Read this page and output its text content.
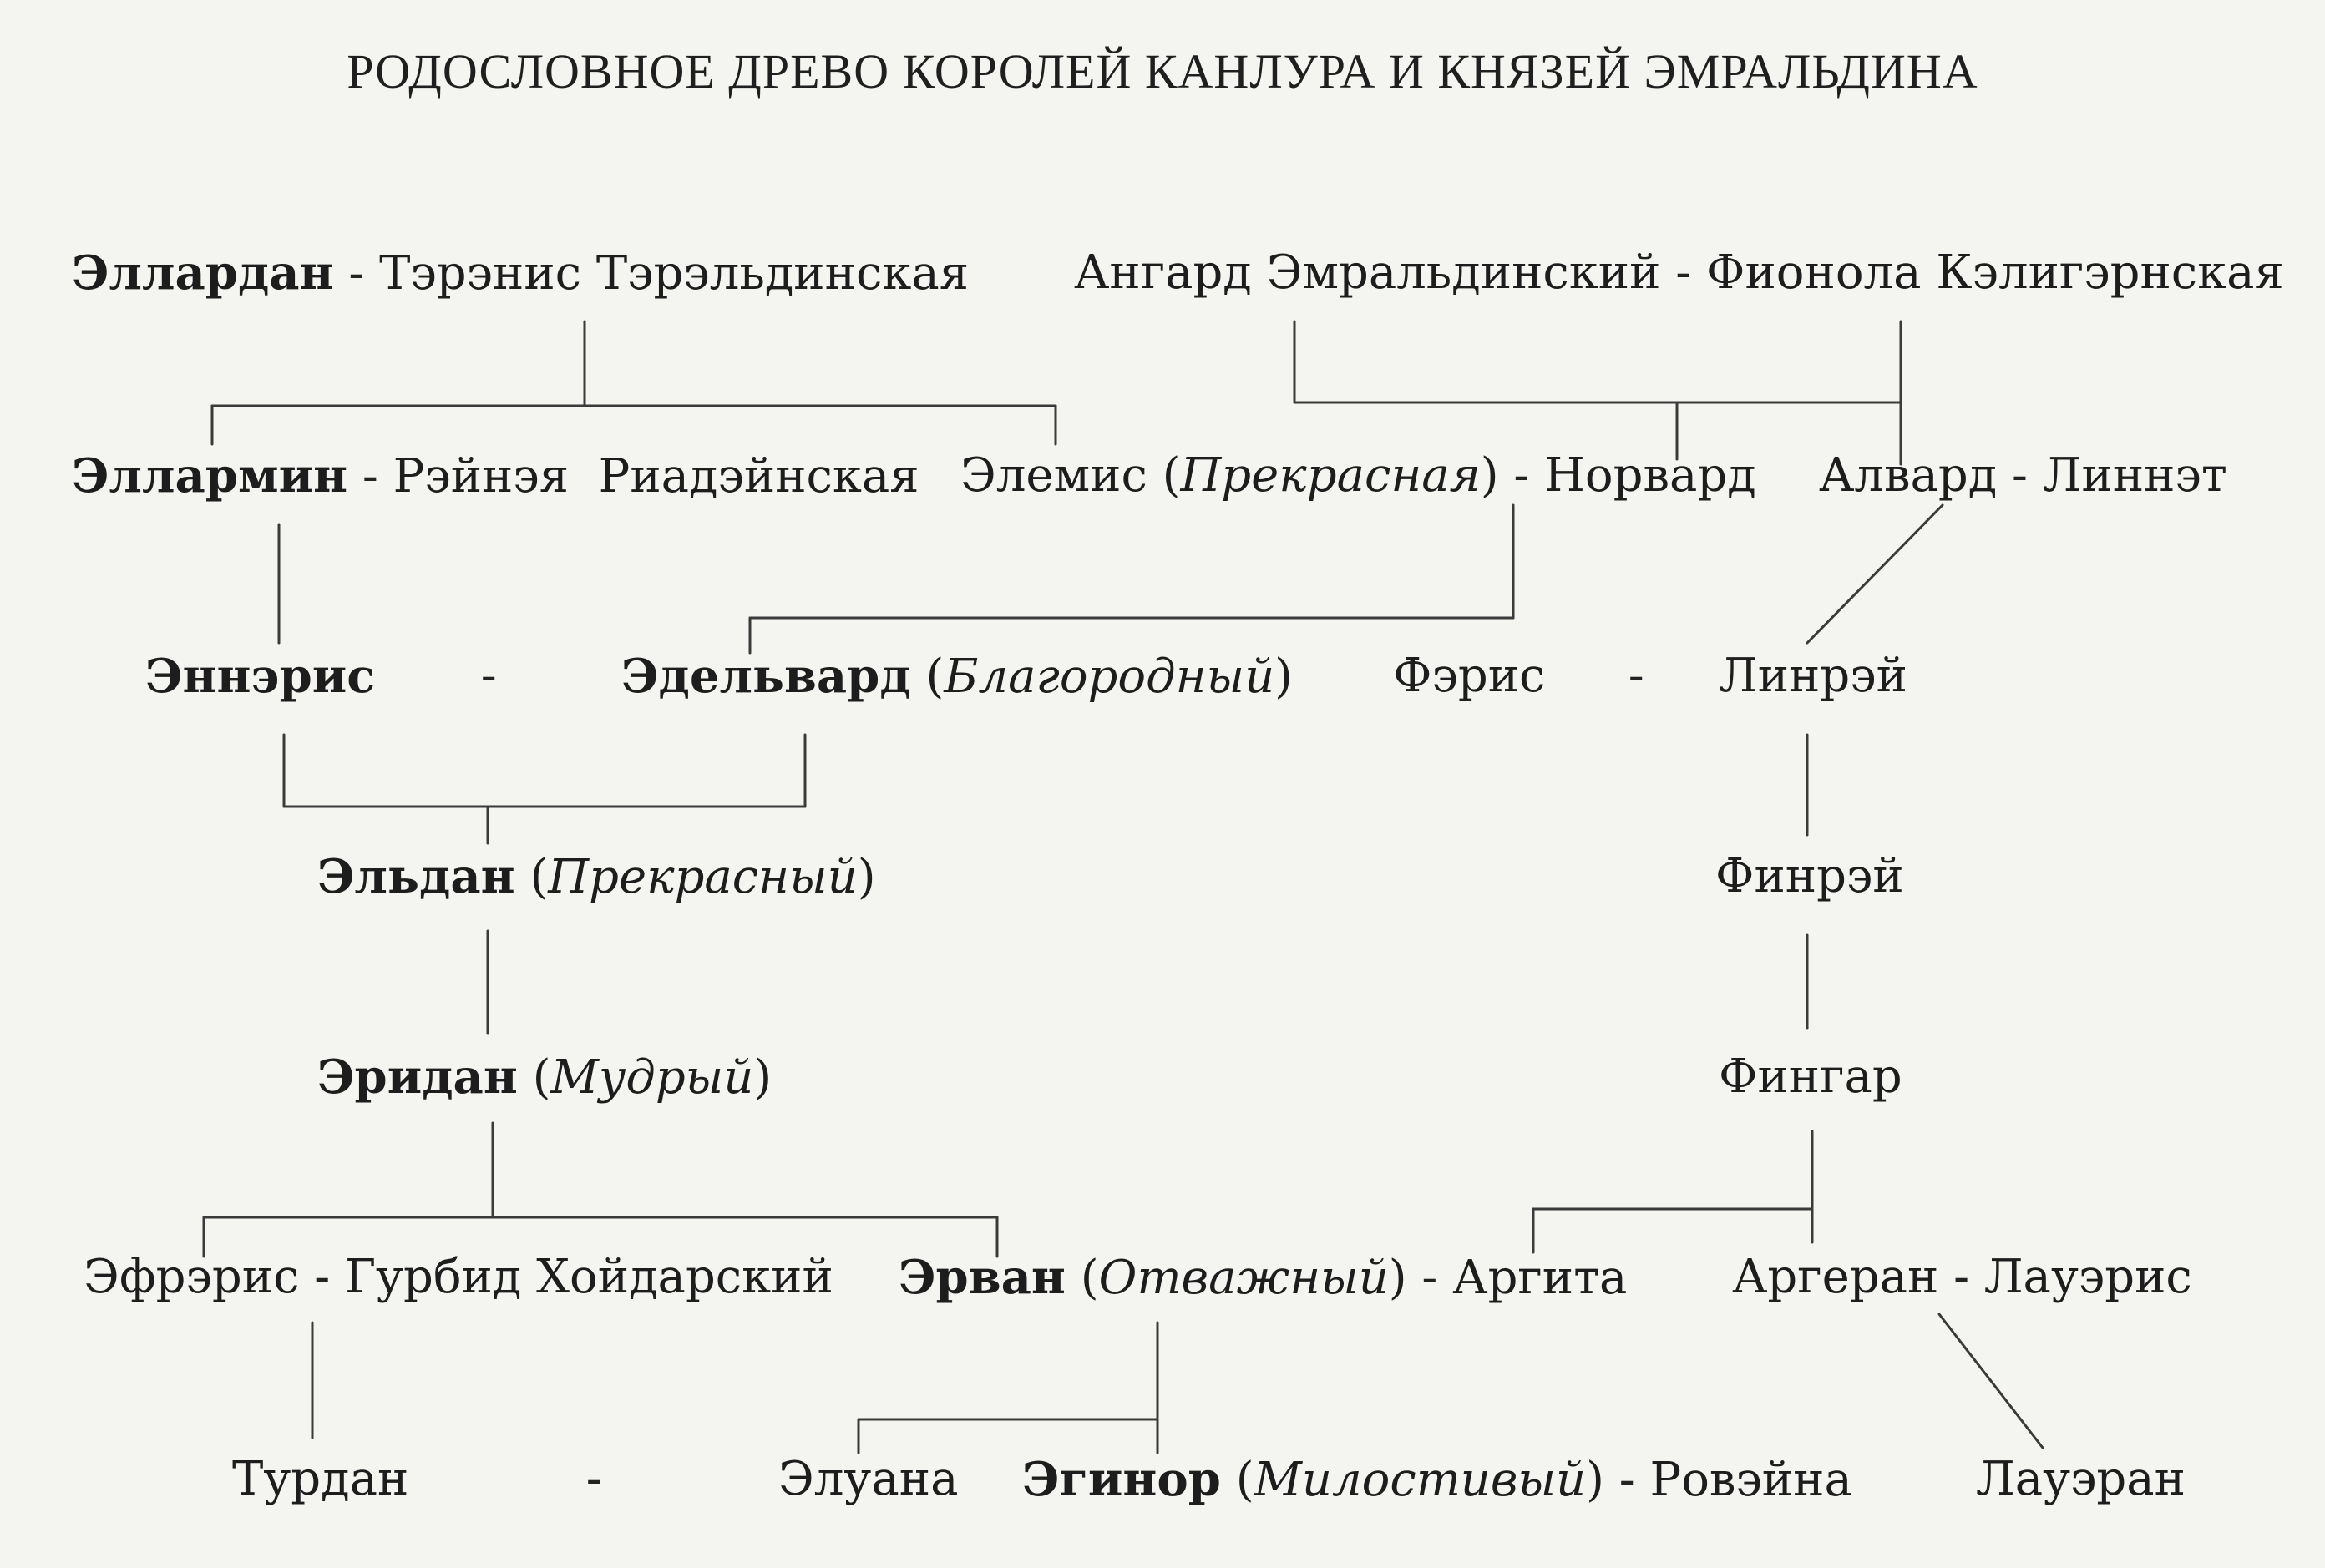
РОДОСЛОВНОЕ ДРЕВО КОРОЛЕЙ КАНЛУРА И КНЯЗЕЙ ЭМРАЛЬДИНА
Эллардан - Тэрэнис Тэрэльдинская Ангард Эмральдинский - Фионола Кэлигэрнская
Эллармин - Рэйнэя  Риадэйнская Элемис (Прекрасная) - Норвард Алвард - Линнэт
Эннэрис - Эдельвард (Благородный) Фэрис - Линрэй
Эльдан (Прекрасный)	Финрэй
Эридан (Мудрый)	Фингар
Эфрэрис - Гурбид Хойдарский Эрван (Отважный) - Аргита Аргеран - Лауэрис
Турдан	-	Элуана Эгинор (Милостивый) - Ровэйна	Лауэран
